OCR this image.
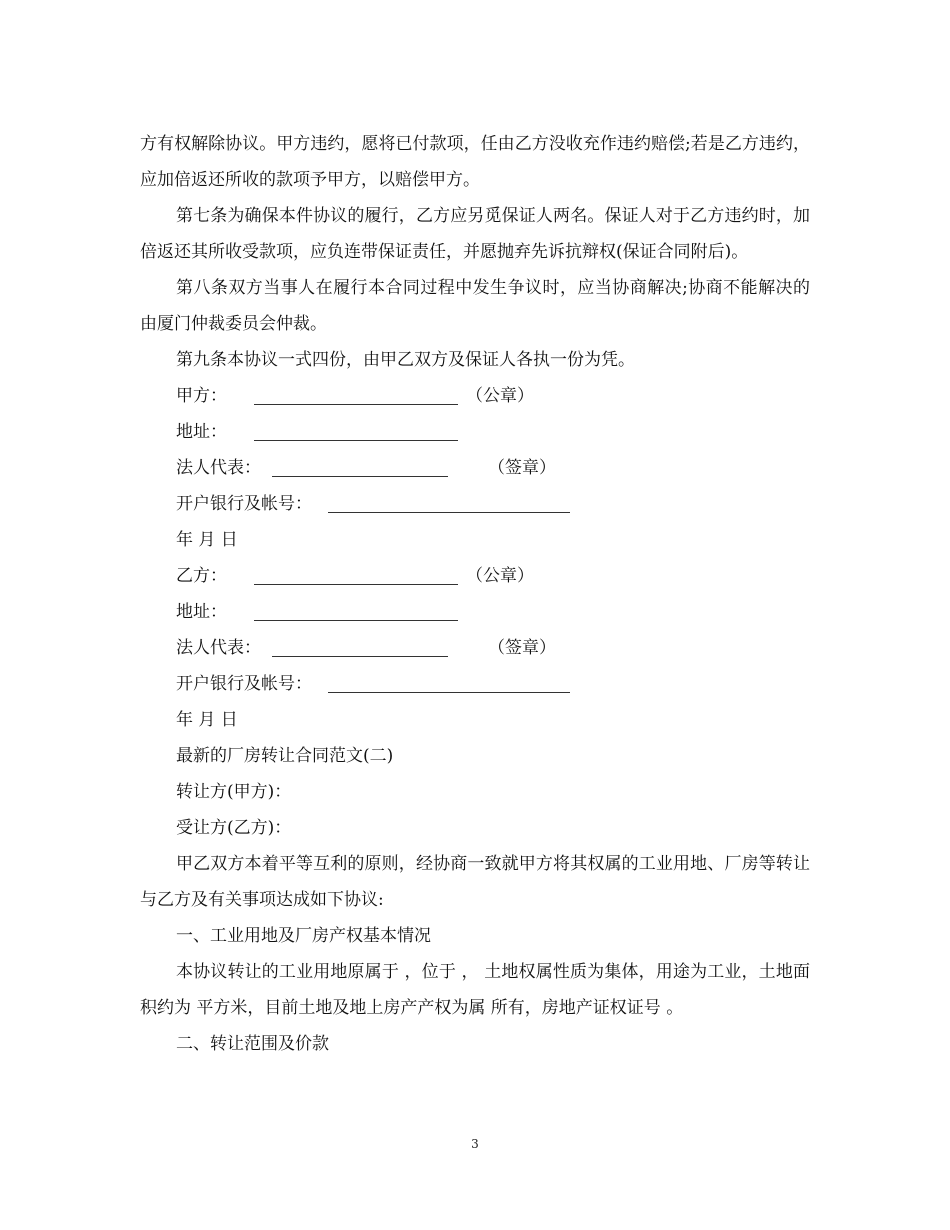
方有权解除协议。甲方违约，愿将已付款项，任由乙方没收充作违约赔偿;若是乙方违约，应加倍返还所收的款项予甲方，以赔偿甲方。

第七条为确保本件协议的履行，乙方应另觅保证人两名。保证人对于乙方违约时，加倍返还其所收受款项，应负连带保证责任，并愿抛弃先诉抗辩权(保证合同附后)。

第八条双方当事人在履行本合同过程中发生争议时，应当协商解决;协商不能解决的由厦门仲裁委员会仲裁。

第九条本协议一式四份，由甲乙双方及保证人各执一份为凭。

甲方：	（公章）
地址：
法人代表：	（签章）
开户银行及帐号：
年 月 日
乙方：	（公章）
地址：
法人代表：	（签章）
开户银行及帐号：
年 月 日
最新的厂房转让合同范文(二)
转让方(甲方)：
受让方(乙方)：

甲乙双方本着平等互利的原则，经协商一致就甲方将其权属的工业用地、厂房等转让与乙方及有关事项达成如下协议:

一、工业用地及厂房产权基本情况

本协议转让的工业用地原属于 ，位于 ， 土地权属性质为集体，用途为工业，土地面积约为 平方米，目前土地及地上房产产权为属 所有，房地产证权证号 。

二、转让范围及价款
3
